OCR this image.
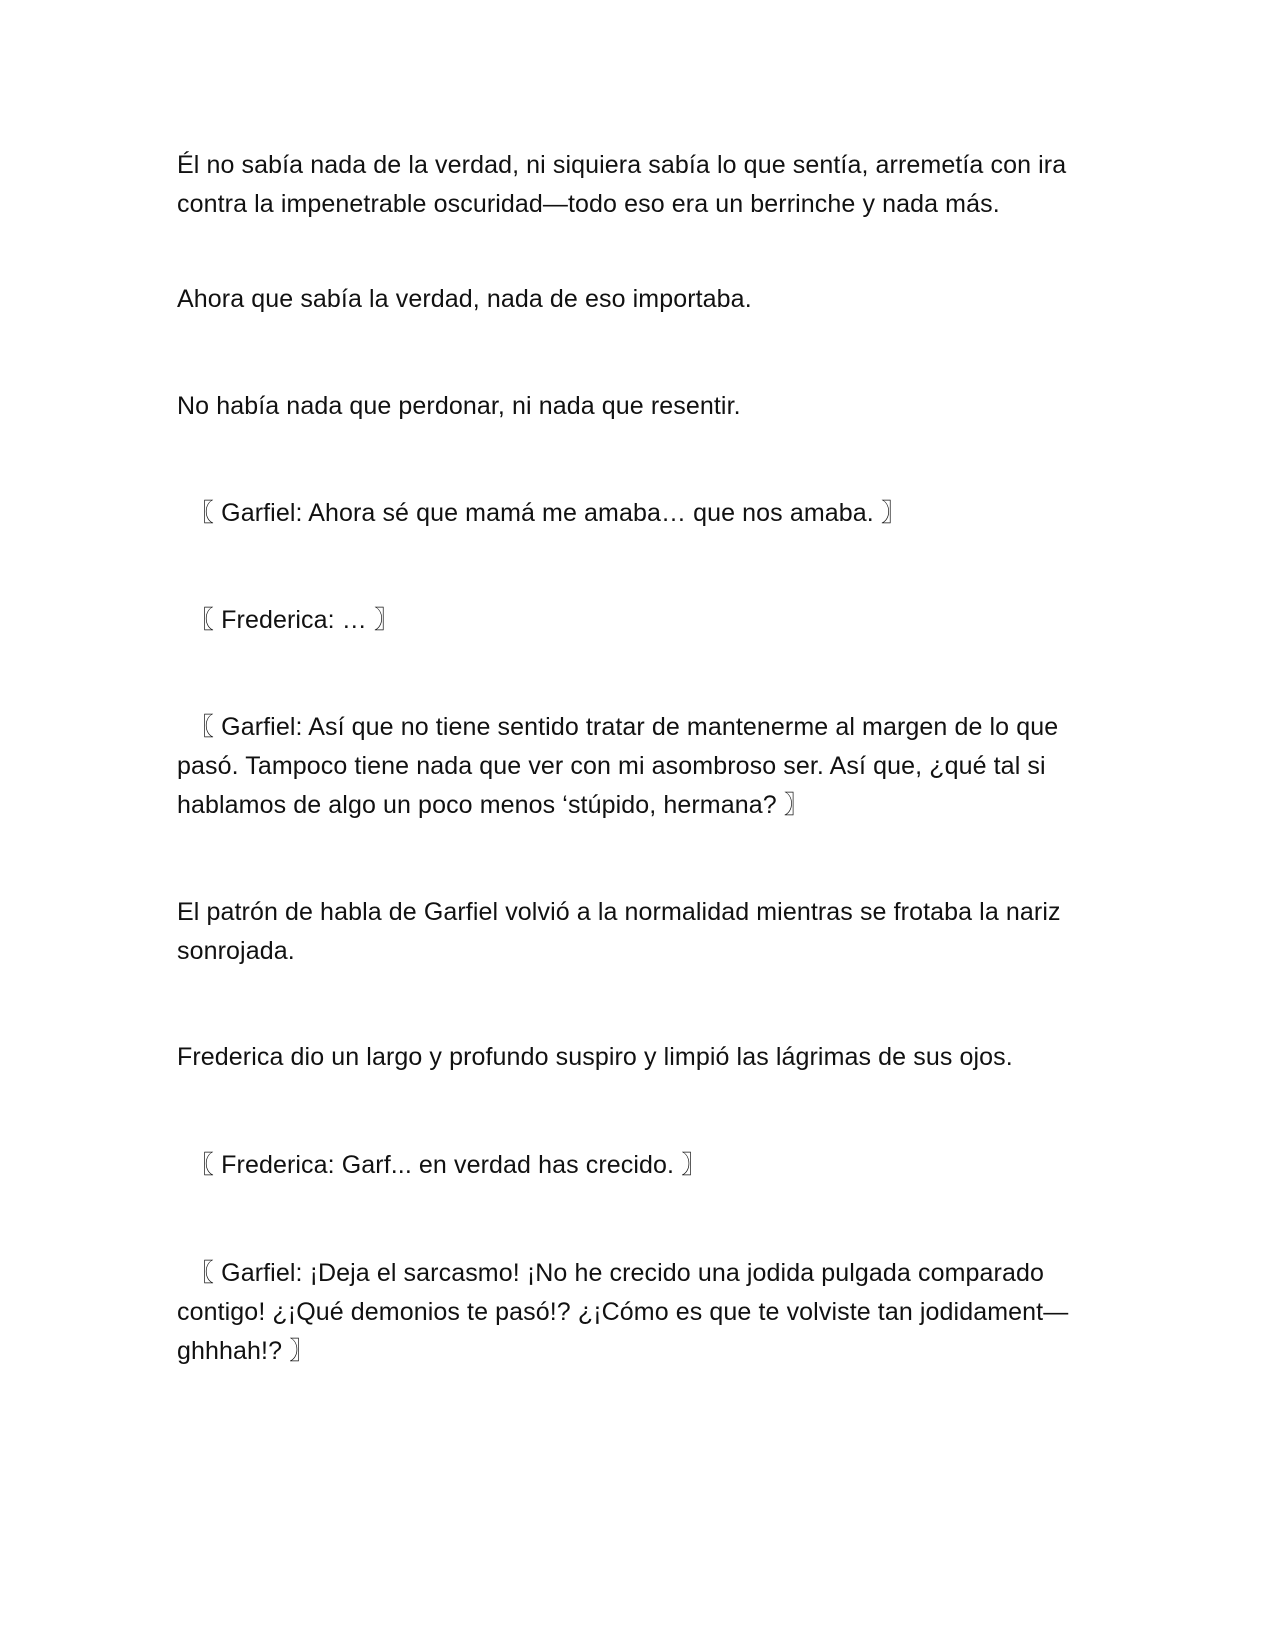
Él no sabía nada de la verdad, ni siquiera sabía lo que sentía, arremetía con ira contra la impenetrable oscuridad—todo eso era un berrinche y nada más.

Ahora que sabía la verdad, nada de eso importaba.

No había nada que perdonar, ni nada que resentir.

〖 Garfiel: Ahora sé que mamá me amaba… que nos amaba. 〗

〖 Frederica: … 〗

〖 Garfiel: Así que no tiene sentido tratar de mantenerme al margen de lo que pasó. Tampoco tiene nada que ver con mi asombroso ser. Así que, ¿qué tal si hablamos de algo un poco menos ‘stúpido, hermana? 〗

El patrón de habla de Garfiel volvió a la normalidad mientras se frotaba la nariz sonrojada.

Frederica dio un largo y profundo suspiro y limpió las lágrimas de sus ojos.

〖 Frederica: Garf... en verdad has crecido. 〗

〖 Garfiel: ¡Deja el sarcasmo! ¡No he crecido una jodida pulgada comparado contigo! ¿¡Qué demonios te pasó!? ¿¡Cómo es que te volviste tan jodidament—ghhhah!? 〗
